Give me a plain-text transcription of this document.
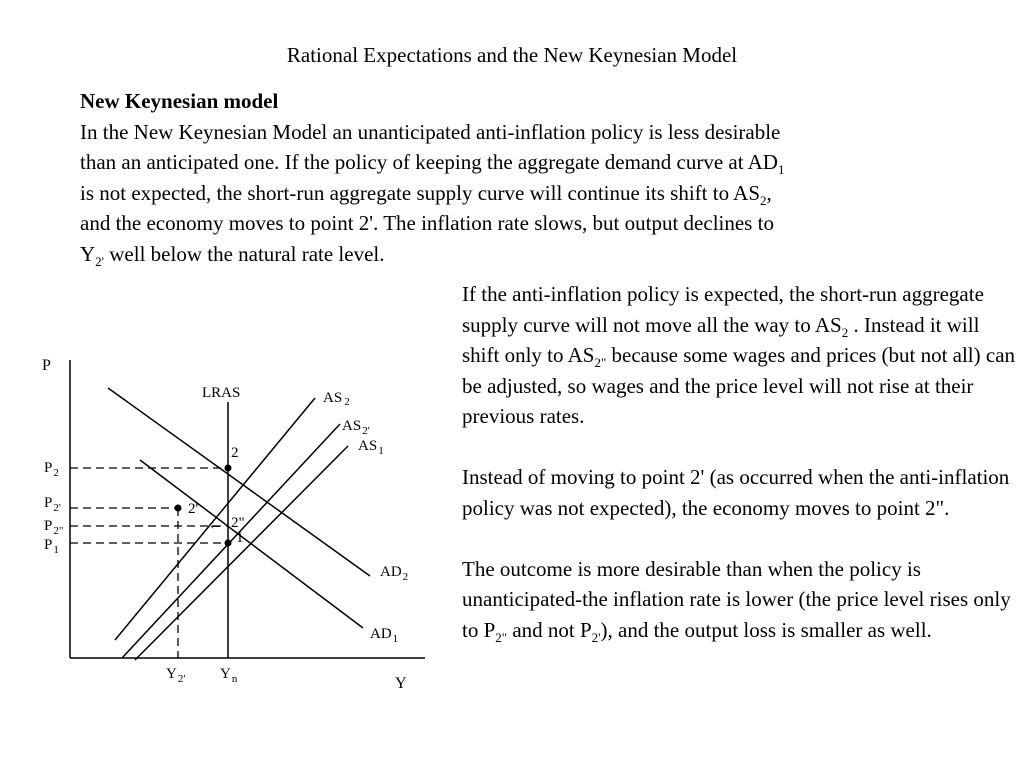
Rational Expectations and the New Keynesian Model
New Keynesian model
In the New Keynesian Model an unanticipated anti-inflation policy is less desirable
than an anticipated one. If the policy of keeping the aggregate demand curve at $AD_1$
is not expected, the short-run aggregate supply curve will continue its shift to $AS_2$,
and the economy moves to point 2'. The inflation rate slows, but output declines to
$Y_{2'}$ well below the natural rate level.

If the anti-inflation policy is expected, the short-run aggregate supply curve will not move all the way to $AS_2$ . Instead it will shift only to $AS_{2"}$ because some wages and prices (but not all) can be adjusted, so wages and the price level will not rise at their previous rates.

Instead of moving to point 2' (as occurred when the anti-inflation policy was not expected), the economy moves to point 2".

The outcome is more desirable than when the policy is unanticipated-the inflation rate is lower (the price level rises only to $P_{2"}$ and not $P_{2'}$), and the output loss is smaller as well.

P
Y
LRAS	AS $_2$
$AS_{2'}$
$AS_1$
$AD_2$
$AD_1$
$P_2$
$P_{2'}$
$P_{2"}$
$P_1$
$Y_{2'}$ $Y_n$
2
2'
2"
1
←
